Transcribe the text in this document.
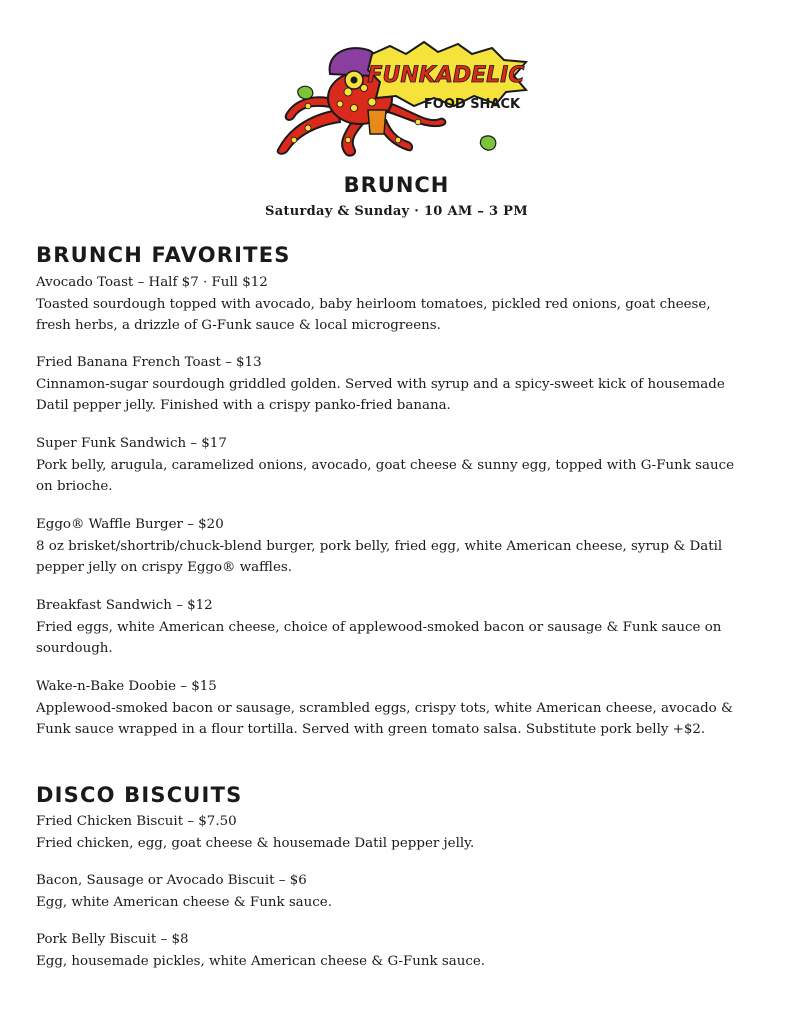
FUNKADELIC
FOOD SHACK
BRUNCH
Saturday & Sunday · 10 AM – 3 PM
BRUNCH FAVORITES
Avocado Toast – Half $7 · Full $12
Toasted sourdough topped with avocado, baby heirloom tomatoes, pickled red onions, goat cheese, fresh herbs, a drizzle of G-Funk sauce & local microgreens.
Fried Banana French Toast – $13
Cinnamon-sugar sourdough griddled golden. Served with syrup and a spicy-sweet kick of housemade Datil pepper jelly. Finished with a crispy panko-fried banana.
Super Funk Sandwich – $17
Pork belly, arugula, caramelized onions, avocado, goat cheese & sunny egg, topped with G-Funk sauce on brioche.
Eggo® Waffle Burger – $20
8 oz brisket/shortrib/chuck-blend burger, pork belly, fried egg, white American cheese, syrup & Datil pepper jelly on crispy Eggo® waffles.
Breakfast Sandwich – $12
Fried eggs, white American cheese, choice of applewood-smoked bacon or sausage & Funk sauce on sourdough.
Wake-n-Bake Doobie – $15
Applewood-smoked bacon or sausage, scrambled eggs, crispy tots, white American cheese, avocado & Funk sauce wrapped in a flour tortilla. Served with green tomato salsa. Substitute pork belly +$2.
DISCO BISCUITS
Fried Chicken Biscuit – $7.50
Fried chicken, egg, goat cheese & housemade Datil pepper jelly.
Bacon, Sausage or Avocado Biscuit – $6
Egg, white American cheese & Funk sauce.
Pork Belly Biscuit – $8
Egg, housemade pickles, white American cheese & G-Funk sauce.
